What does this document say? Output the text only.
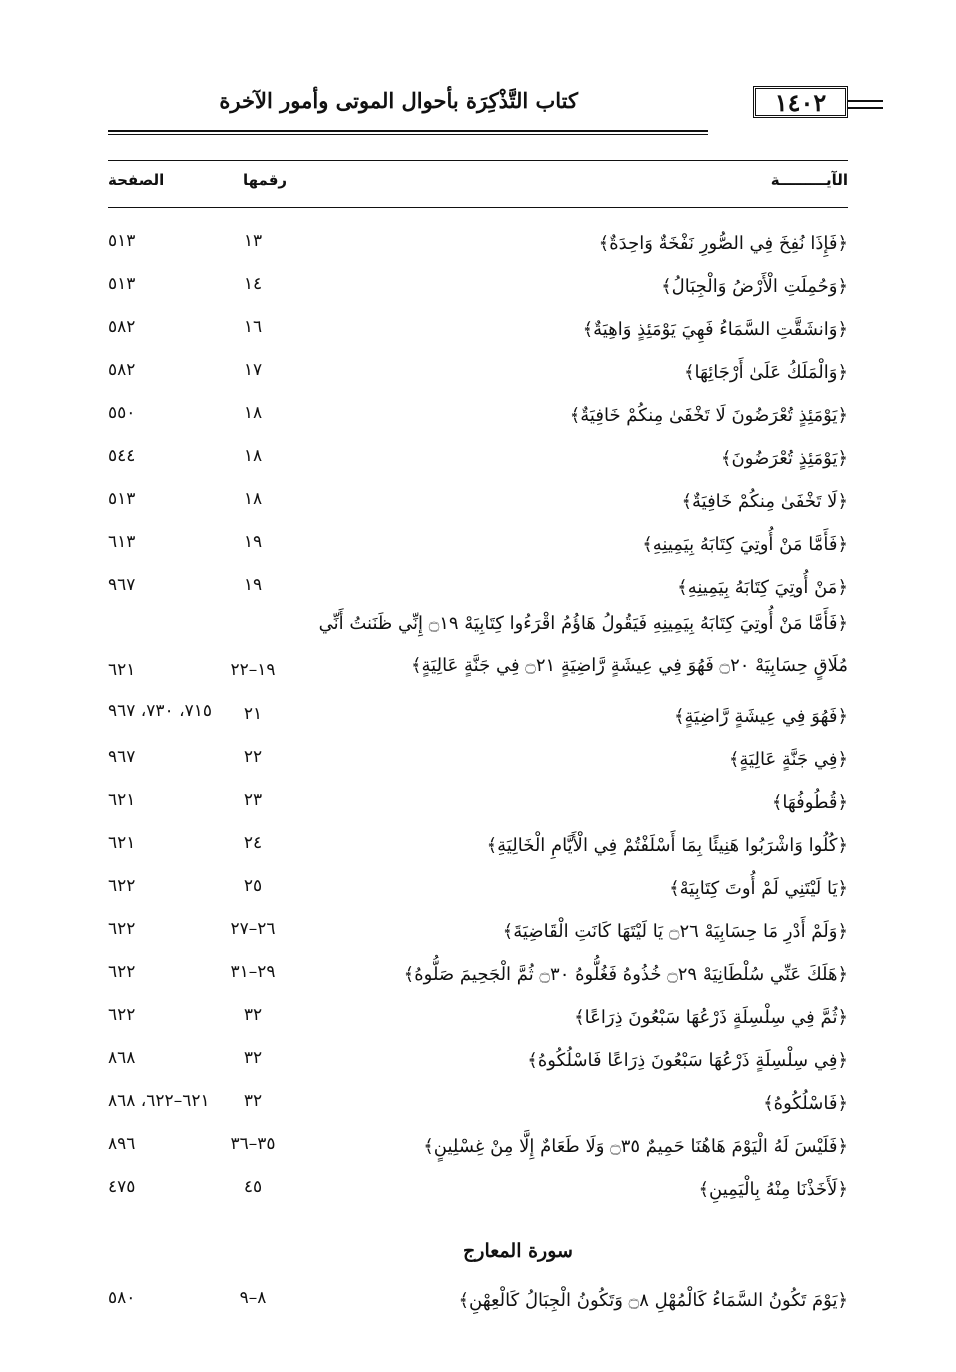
١٤٠٢
كتاب التَّذْكِرَة بأحوال الموتى وأمور الآخرة
الآيـــــــــة
رقمها
الصفحة
﴿فَإِذَا نُفِخَ فِي الصُّورِ نَفْخَةٌ وَاحِدَةٌ﴾
١٣
٥١٣
﴿وَحُمِلَتِ الْأَرْضُ وَالْجِبَالُ﴾
١٤
٥١٣
﴿وَانشَقَّتِ السَّمَاءُ فَهِيَ يَوْمَئِذٍ وَاهِيَةٌ﴾
١٦
٥٨٢
﴿وَالْمَلَكُ عَلَىٰ أَرْجَائِهَا﴾
١٧
٥٨٢
﴿يَوْمَئِذٍ تُعْرَضُونَ لَا تَخْفَىٰ مِنكُمْ خَافِيَةٌ﴾
١٨
٥٥٠
﴿يَوْمَئِذٍ تُعْرَضُونَ﴾
١٨
٥٤٤
﴿لَا تَخْفَىٰ مِنكُمْ خَافِيَةٌ﴾
١٨
٥١٣
﴿فَأَمَّا مَنْ أُوتِيَ كِتَابَهُ بِيَمِينِهِ﴾
١٩
٦١٣
﴿مَنْ أُوتِيَ كِتَابَهُ بِيَمِينِهِ﴾
١٩
٩٦٧
﴿فَأَمَّا مَنْ أُوتِيَ كِتَابَهُ بِيَمِينِهِ فَيَقُولُ هَاؤُمُ اقْرَءُوا كِتَابِيَهْ ۝١٩ إِنِّي ظَنَنتُ أَنِّي مُلَاقٍ حِسَابِيَهْ ۝٢٠ فَهُوَ فِي عِيشَةٍ رَّاضِيَةٍ ۝٢١ فِي جَنَّةٍ عَالِيَةٍ﴾
١٩–٢٢
٦٢١
﴿فَهُوَ فِي عِيشَةٍ رَّاضِيَةٍ﴾
٢١
٧١٥، ٧٣٠، ٩٦٧
﴿فِي جَنَّةٍ عَالِيَةٍ﴾
٢٢
٩٦٧
﴿قُطُوفُهَا﴾
٢٣
٦٢١
﴿كُلُوا وَاشْرَبُوا هَنِيئًا بِمَا أَسْلَفْتُمْ فِي الْأَيَّامِ الْخَالِيَةِ﴾
٢٤
٦٢١
﴿يَا لَيْتَنِي لَمْ أُوتَ كِتَابِيَهْ﴾
٢٥
٦٢٢
﴿وَلَمْ أَدْرِ مَا حِسَابِيَهْ ۝٢٦ يَا لَيْتَهَا كَانَتِ الْقَاضِيَةَ﴾
٢٦–٢٧
٦٢٢
﴿هَلَكَ عَنِّي سُلْطَانِيَهْ ۝٢٩ خُذُوهُ فَغُلُّوهُ ۝٣٠ ثُمَّ الْجَحِيمَ صَلُّوهُ﴾
٢٩–٣١
٦٢٢
﴿ثُمَّ فِي سِلْسِلَةٍ ذَرْعُهَا سَبْعُونَ ذِرَاعًا﴾
٣٢
٦٢٢
﴿فِي سِلْسِلَةٍ ذَرْعُهَا سَبْعُونَ ذِرَاعًا فَاسْلُكُوهُ﴾
٣٢
٨٦٨
﴿فَاسْلُكُوهُ﴾
٣٢
٦٢١–٦٢٢، ٨٦٨
﴿فَلَيْسَ لَهُ الْيَوْمَ هَاهُنَا حَمِيمٌ ۝٣٥ وَلَا طَعَامٌ إِلَّا مِنْ غِسْلِينٍ﴾
٣٥–٣٦
٨٩٦
﴿لَأَخَذْنَا مِنْهُ بِالْيَمِينِ﴾
٤٥
٤٧٥
سورة المعارج
﴿يَوْمَ تَكُونُ السَّمَاءُ كَالْمُهْلِ ۝٨ وَتَكُونُ الْجِبَالُ كَالْعِهْنِ﴾
٨–٩
٥٨٠
